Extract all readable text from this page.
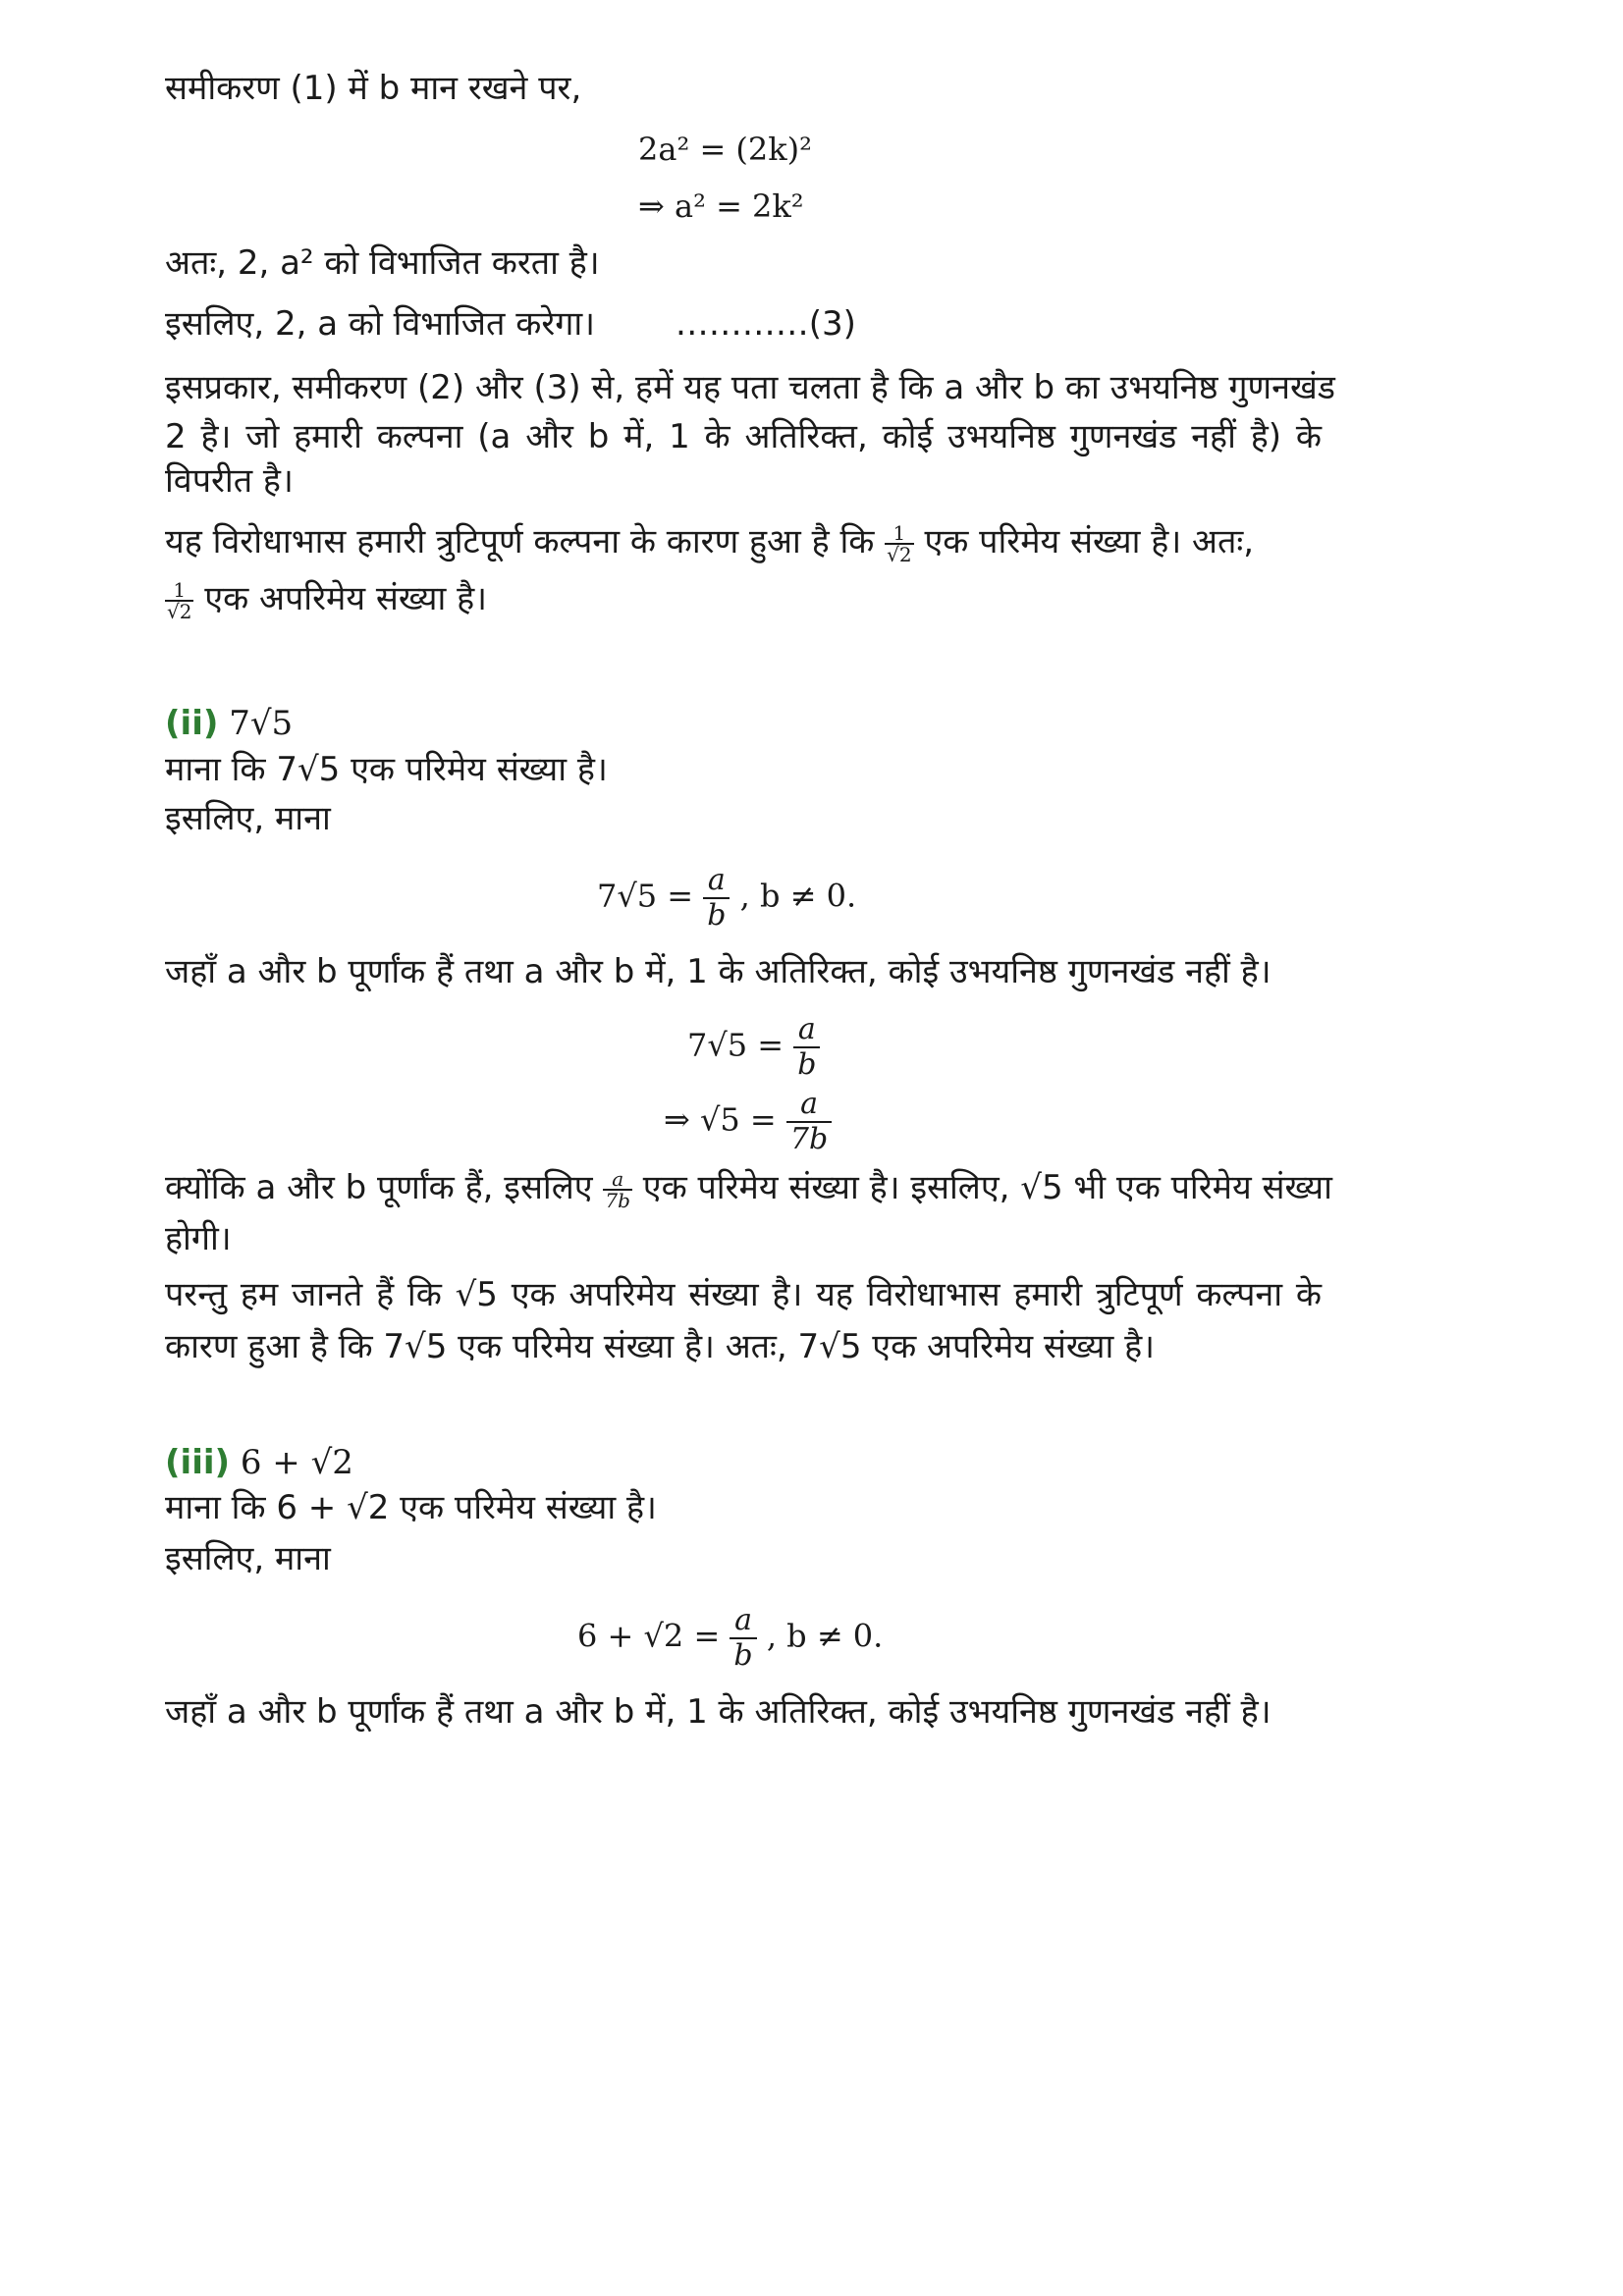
समीकरण (1) में b मान रखने पर,
2a² = (2k)²
⇒ a² = 2k²
अतः, 2, a² को विभाजित करता है।
इसलिए, 2, a को विभाजित करेगा। …………(3)
इसप्रकार, समीकरण (2) और (3) से, हमें यह पता चलता है कि a और b का उभयनिष्ठ गुणनखंड
2 है। जो हमारी कल्पना (a और b में, 1 के अतिरिक्त, कोई उभयनिष्ठ गुणनखंड नहीं है) के
विपरीत है।
यह विरोधाभास हमारी त्रुटिपूर्ण कल्पना के कारण हुआ है कि $\frac{1}{√2}$ एक परिमेय संख्या है। अतः,
$\frac{1}{√2}$ एक अपरिमेय संख्या है।
(ii) 7√5
माना कि 7√5 एक परिमेय संख्या है।
इसलिए, माना
$7√5 = \frac{a}{b}$ , b ≠ 0.
जहाँ a और b पूर्णांक हैं तथा a और b में, 1 के अतिरिक्त, कोई उभयनिष्ठ गुणनखंड नहीं है।
$7√5 = \frac{a}{b}$
⇒ $√5 = \frac{a}{7b}$
क्योंकि a और b पूर्णांक हैं, इसलिए $\frac{a}{7b}$ एक परिमेय संख्या है। इसलिए, √5 भी एक परिमेय संख्या
होगी।
परन्तु हम जानते हैं कि √5 एक अपरिमेय संख्या है। यह विरोधाभास हमारी त्रुटिपूर्ण कल्पना के
कारण हुआ है कि 7√5 एक परिमेय संख्या है। अतः, 7√5 एक अपरिमेय संख्या है।
(iii) 6 + √2
माना कि 6 + √2 एक परिमेय संख्या है।
इसलिए, माना
$6 + √2 = \frac{a}{b}$ , b ≠ 0.
जहाँ a और b पूर्णांक हैं तथा a और b में, 1 के अतिरिक्त, कोई उभयनिष्ठ गुणनखंड नहीं है।
